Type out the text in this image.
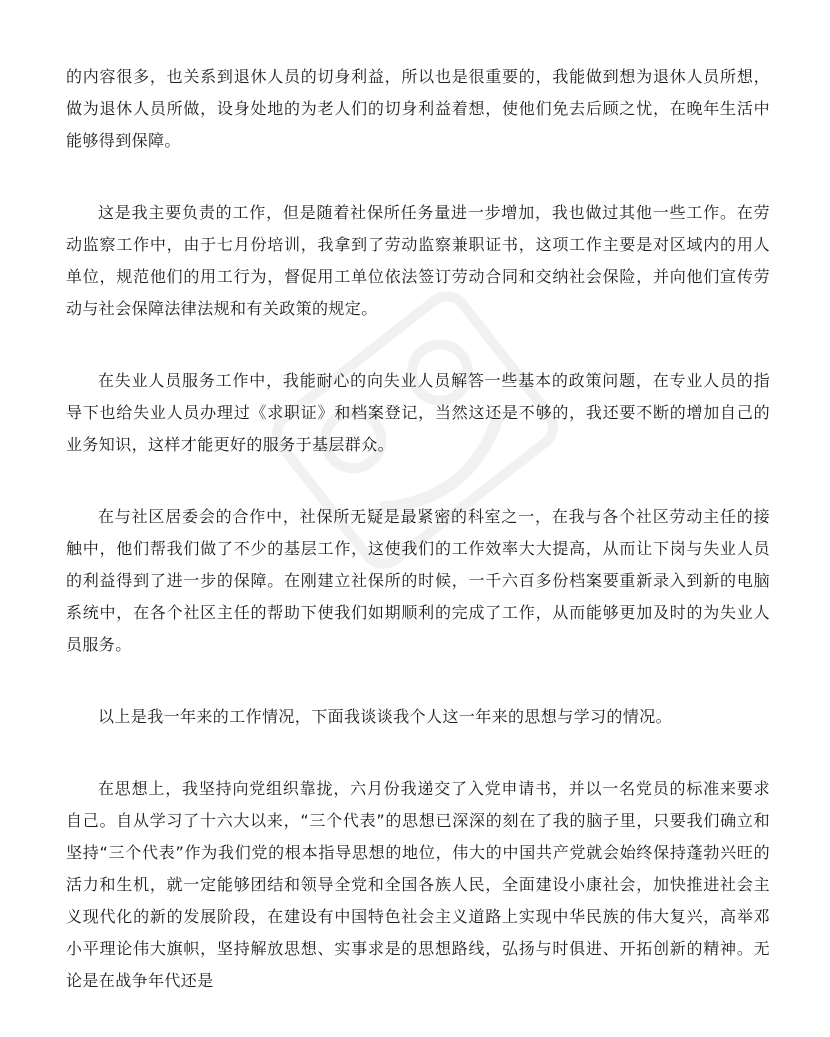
的内容很多，也关系到退休人员的切身利益，所以也是很重要的，我能做到想为退休人员所想，做为退休人员所做，设身处地的为老人们的切身利益着想，使他们免去后顾之忧，在晚年生活中能够得到保障。

这是我主要负责的工作，但是随着社保所任务量进一步增加，我也做过其他一些工作。在劳动监察工作中，由于七月份培训，我拿到了劳动监察兼职证书，这项工作主要是对区域内的用人单位，规范他们的用工行为，督促用工单位依法签订劳动合同和交纳社会保险，并向他们宣传劳动与社会保障法律法规和有关政策的规定。

在失业人员服务工作中，我能耐心的向失业人员解答一些基本的政策问题，在专业人员的指导下也给失业人员办理过《求职证》和档案登记，当然这还是不够的，我还要不断的增加自己的业务知识，这样才能更好的服务于基层群众。

在与社区居委会的合作中，社保所无疑是最紧密的科室之一，在我与各个社区劳动主任的接触中，他们帮我们做了不少的基层工作，这使我们的工作效率大大提高，从而让下岗与失业人员的利益得到了进一步的保障。在刚建立社保所的时候，一千六百多份档案要重新录入到新的电脑系统中，在各个社区主任的帮助下使我们如期顺利的完成了工作，从而能够更加及时的为失业人员服务。

以上是我一年来的工作情况，下面我谈谈我个人这一年来的思想与学习的情况。

在思想上，我坚持向党组织靠拢，六月份我递交了入党申请书，并以一名党员的标准来要求自己。自从学习了十六大以来，“三个代表”的思想已深深的刻在了我的脑子里，只要我们确立和坚持“三个代表”作为我们党的根本指导思想的地位，伟大的中国共产党就会始终保持蓬勃兴旺的活力和生机，就一定能够团结和领导全党和全国各族人民，全面建设小康社会，加快推进社会主义现代化的新的发展阶段，在建设有中国特色社会主义道路上实现中华民族的伟大复兴，高举邓小平理论伟大旗帜，坚持解放思想、实事求是的思想路线，弘扬与时俱进、开拓创新的精神。无论是在战争年代还是
